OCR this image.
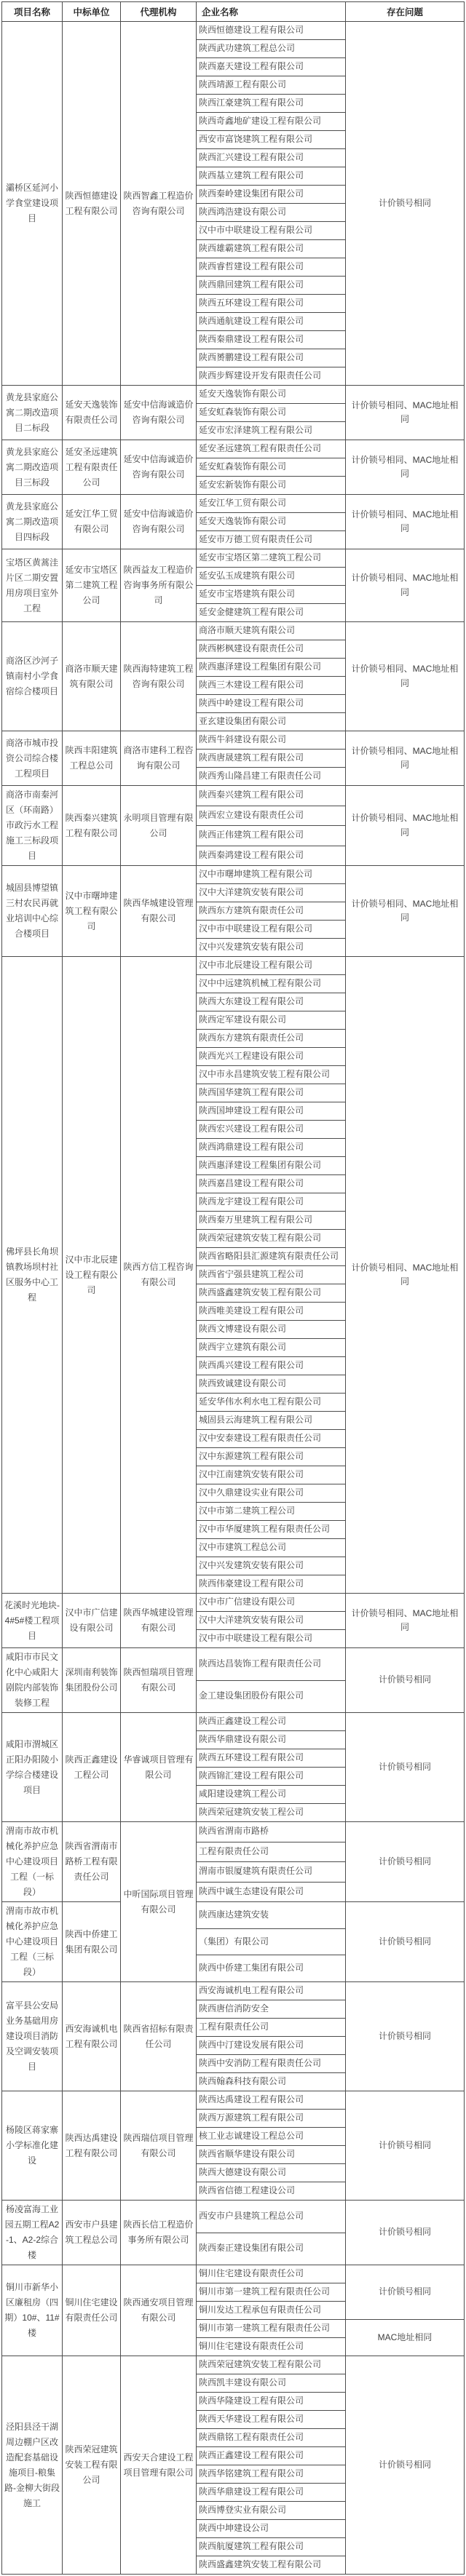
项目名称	中标单位	代理机构	企业名称	存在问题
灞桥区延河小学食堂建设项目	陕西恒德建设工程有限公司	陕西智鑫工程造价咨询有限公司	陕西恒德建设工程有限公司	计价锁号相同
			陕西武功建筑工程总公司	
			陕西嘉天建设工程有限公司	
			陕西靖源工程有限公司	
			陕西江豪建筑工程有限公司	
			陕西奇鑫地矿建设工程有限公司	
			西安市富饶建筑工程有限公司	
			陕西汇兴建设工程有限公司	
			陕西基立建筑工程有限公司	
			陕西秦岭建设集团有限公司	
			陕西鸿浩建设有限公司	
			汉中市中联建设工程有限公司	
			陕西雄霸建筑工程有限公司	
			陕西睿哲建设工程有限公司	
			陕西鼎回建筑工程有限公司	
			陕西五环建设工程有限公司	
			陕西通航建设工程有限公司	
			陕西秦鼎建设工程有限公司	
			陕西赟鹏建设工程有限公司	
			陕西步辉建设开发有限责任公司	
黄龙县家庭公寓二期改造项目二标段	延安天逸装饰有限责任公司	延安中信海诚造价咨询有限公司	延安天逸装饰有限公司	计价锁号相同、MAC地址相同
			延安虹森装饰有限公司	
			延安市宏泽建筑工程有限公司	
黄龙县家庭公寓二期改造项目三标段	延安圣远建筑工程有限责任公司	延安中信海诚造价咨询有限公司	延安圣远建筑工程有限责任公司	计价锁号相同、MAC地址相同
			延安虹森装饰有限公司	
			延安宏新装饰有限公司	
黄龙县家庭公寓二期改造项目四标段	延安江华工贸有限公司	延安中信海诚造价咨询有限公司	延安江华工贸有限公司	计价锁号相同、MAC地址相同
			延安天逸装饰有限公司	
			延安市万德工贸有限责任公司	
宝塔区黄蒿洼片区二期安置用房项目室外工程	延安市宝塔区第二建筑工程公司	陕西益友工程造价咨询事务所有限公司	延安市宝塔区第二建筑工程公司	计价锁号相同、MAC地址相同
			延安弘玉成建筑有限公司	
			延安市宝塔建筑有限公司	
			延安金健建筑工程有限公司	
商洛区沙河子镇南村小学食宿综合楼项目	商洛市顺天建筑有限公司	陕西海特建筑工程咨询有限公司	商洛市顺天建筑有限公司	计价锁号相同、MAC地址相同
			陕西彬枫建设有限责任公司	
			陕西惠泽建设工程集团有限公司	
			陕西三木建设工程有限公司	
			陕西中岭建设工程有限公司	
			亚玄建设集团有限公司	
商洛市城市投资公司综合楼工程项目	陕西丰阳建筑工程总公司	商洛市建科工程咨询有限公司	陕西牛斜建设有限公司	计价锁号相同、MAC地址相同
			陕西唐晟建筑工程有限公司	
			陕西秀山隆昌建工有限责任公司	
商洛市南秦河区（环南路）市政污水工程施工三标段项目	陕西秦兴建筑工程有限公司	永明项目管理有限公司	陕西秦兴建筑工程有限公司	计价锁号相同、MAC地址相同
			陕西宏立建设有限责任公司	
			陕西正伟建筑工程有限公司	
			陕西秦鸿建设工程有限公司	
城固县博望镇三村农民再就业培训中心综合楼项目	汉中市曙坤建筑工程有限公司	陕西华城建设管理有限公司	汉中市曙坤建筑工程有限公司	计价锁号相同、MAC地址相同
			汉中大洋建筑安装有限公司	
			陕西东方建筑有限责任公司	
			汉中市中联建设工程有限公司	
			汉中兴发建筑安装有限公司	
佛坪县长角坝镇教场坝村社区服务中心工程	汉中市北辰建设工程有限公司	陕西方信工程咨询有限公司	汉中市北辰建设工程有限公司	计价锁号相同、MAC地址相同
			汉中中远建筑机械工程有限公司	
			陕西大东建设工程有限公司	
			陕西定军建设有限公司	
			陕西东方建筑有限责任公司	
			陕西光兴工程建设有限公司	
			汉中市永昌建筑安装工程有限公司	
			陕西国华建筑工程有限公司	
			陕西国坤建设工程有限公司	
			陕西宏兴建设工程有限公司	
			陕西鸿鼎建设工程有限公司	
			陕西惠泽建设工程集团有限公司	
			陕西嘉昌建设工程有限公司	
			陕西龙宇建设工程有限公司	
			陕西秦万里建筑工程有限公司	
			陕西荣冠建筑安装工程有限公司	
			陕西省略阳县汇源建筑有限责任公司	
			陕西省宁强县建筑工程公司	
			陕西盛鑫建筑安装工程有限公司	
			陕西唯美建设工程有限公司	
			陕西文博建设有限公司	
			陕西宇立建筑有限公司	
			陕西禹兴建设工程有限公司	
			陕西致诚建设有限公司	
			延安华伟水利水电工程有限公司	
			城固县云海建筑工程有限公司	
			汉中安泰建设工程有限责任公司	
			汉中东源建筑工程有限公司	
			汉中江南建筑安装有限公司	
			汉中久鼎建设实业有限公司	
			汉中市第二建筑工程公司	
			汉中市华厦建筑工程有限责任公司	
			汉中市建筑工程总公司	
			汉中兴发建筑安装有限公司	
			陕西伟豪建设工程有限公司	
花溪时光地块-4#5#楼工程项目	汉中市广信建设有限公司	陕西华城建设管理有限公司	汉中市广信建设有限公司	计价锁号相同、MAC地址相同
			汉中大洋建筑安装有限公司	
			汉中市中联建设工程有限公司	
咸阳市市民文化中心咸阳大剧院内部装饰装修工程	深圳南利装饰集团股份公司	陕西恒瑞项目管理有限公司	陕西达昌装饰工程有限责任公司	计价锁号相同
			金工建设集团股份有限公司	
咸阳市渭城区正阳办阳陵小学综合楼建设项目	陕西正鑫建设工程公司	华睿诚项目管理有限公司	陕西正鑫建设工程公司	计价锁号相同
			陕西华鼎建设有限公司	
			陕西五环建设工程有限公司	
			陕西锦汇建设工程有限公司	
			咸阳建设建筑工程公司	
			陕西荣冠建筑安装工程公司	
渭南市故市机械化养护应急中心建设项目工程（一标段）	陕西省渭南市路桥工程有限责任公司	中昕国际项目管理有限公司	陕西省渭南市路桥	计价锁号相同
			工程有限责任公司	
			渭南市银厦建筑有限责任公司	
			陕西中诚生态建设有限公司	
渭南市故市机械化养护应急中心建设项目工程（三标段）	陕西中侨建工集团有限公司		陕西康达建筑安装	计价锁号相同
			（集团）有限公司	
			陕西中侨建工集团有限公司	
富平县公安局业务基础用房建设项目消防及空调安装项目	西安海诚机电工程有限公司	陕西省招标有限责任公司	西安海诚机电工程有限公司	计价锁号相同
			陕西唐信消防安全	
			工程有限责任公司	
			陕西中汀建设发展有限公司	
			陕西中安消防工程有限责任公司	
			陕西翰森科技有限公司	
杨陵区蒋家寨小学标准化建设	陕西达禹建设工程有限公司	陕西瑞信项目管理有限公司	陕西达禹建设工程有限公司	计价锁号相同
			陕西万源建筑工程有限公司	
			核工业志诚建设工程总公司	
			陕西省顺华建设有限公司	
			陕西大德建设有限公司	
			陕西省信德工程建设公司	
杨凌富海工业园五期工程A2-1、A2-2综合楼	西安市户县建筑工程总公司	陕西长信工程造价事务所有限公司	西安市户县建筑工程总公司	计价锁号相同
			陕西秦正建设集团有限公司	
铜川市新华小区廉租房（四期）10#、11#楼	铜川住宅建设有限责任公司	陕西通安项目管理有限公司	铜川住宅建设有限责任公司	计价锁号相同
			铜川市第一建筑工程有限责任公司	
			铜川发达工程承包有限责任公司	
			铜川市第一建筑工程有限责任公司	MAC地址相同
			铜川住宅建设有限责任公司	
泾阳县泾干湖周边棚户区改造配套基础设施项目-粮集路-金柳大街段施工	陕西荣冠建筑安装工程有限公司	西安天合建设工程项目管理有限公司	陕西荣冠建筑安装工程有限公司	计价锁号相同
			陕西凯丰建设有限公司	
			陕西华隆建设工程有限公司	
			陕西天华建设工程有限公司	
			陕西鼎铭工程有限责任公司	
			陕西正鑫建设工程有限公司	
			陕西华铭建筑工程有限公司	
			陕西华鼎建设工程有限公司	
			陕西博登实业有限公司	
			陕西中坤建设公司	
			陕西航厦建筑工程有限公司	
			陕西盛鑫建筑安装工程有限公司	
